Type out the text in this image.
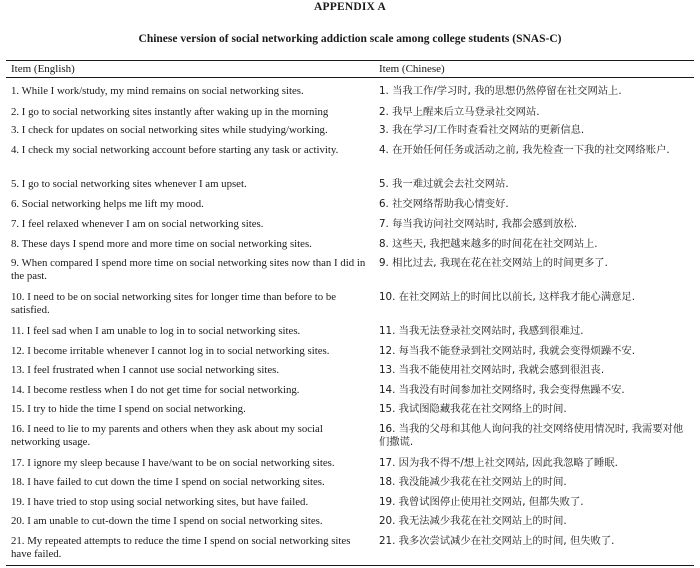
APPENDIX A
Chinese version of social networking addiction scale among college students (SNAS-C)
Item (English)	Item (Chinese)
1. While I work/study, my mind remains on social networking sites.	1. 当我工作/学习时, 我的思想仍然停留在社交网站上.
2. I go to social networking sites instantly after waking up in the morning	2. 我早上醒来后立马登录社交网站.
3. I check for updates on social networking sites while studying/working.	3. 我在学习/工作时查看社交网站的更新信息.
4. I check my social networking account before starting any task or activity.	4. 在开始任何任务或活动之前, 我先检查一下我的社交网络账户.
5. I go to social networking sites whenever I am upset.	5. 我一难过就会去社交网站.
6. Social networking helps me lift my mood.	6. 社交网络帮助我心情变好.
7. I feel relaxed whenever I am on social networking sites.	7. 每当我访问社交网站时, 我都会感到放松.
8. These days I spend more and more time on social networking sites.	8. 这些天, 我把越来越多的时间花在社交网站上.
9. When compared I spend more time on social networking sites now than I did in the past.
9. 相比过去, 我现在花在社交网站上的时间更多了.
10. I need to be on social networking sites for longer time than before to be satisfied.
10. 在社交网站上的时间比以前长, 这样我才能心满意足.
11. I feel sad when I am unable to log in to social networking sites.	11. 当我无法登录社交网站时, 我感到很难过.
12. I become irritable whenever I cannot log in to social networking sites.	12. 每当我不能登录到社交网站时, 我就会变得烦躁不安.
13. I feel frustrated when I cannot use social networking sites.	13. 当我不能使用社交网站时, 我就会感到很沮丧.
14. I become restless when I do not get time for social networking.	14. 当我没有时间参加社交网络时, 我会变得焦躁不安.
15. I try to hide the time I spend on social networking.	15. 我试图隐藏我花在社交网络上的时间.
16. I need to lie to my parents and others when they ask about my social networking usage.
16. 当我的父母和其他人询问我的社交网络使用情况时, 我需要对他们撒谎.
17. I ignore my sleep because I have/want to be on social networking sites.	17. 因为我不得不/想上社交网站, 因此我忽略了睡眠.
18. I have failed to cut down the time I spend on social networking sites.	18. 我没能减少我花在社交网站上的时间.
19. I have tried to stop using social networking sites, but have failed.	19. 我曾试图停止使用社交网站, 但都失败了.
20. I am unable to cut-down the time I spend on social networking sites.	20. 我无法减少我花在社交网站上的时间.
21. My repeated attempts to reduce the time I spend on social networking sites have failed.
21. 我多次尝试减少在社交网站上的时间, 但失败了.
